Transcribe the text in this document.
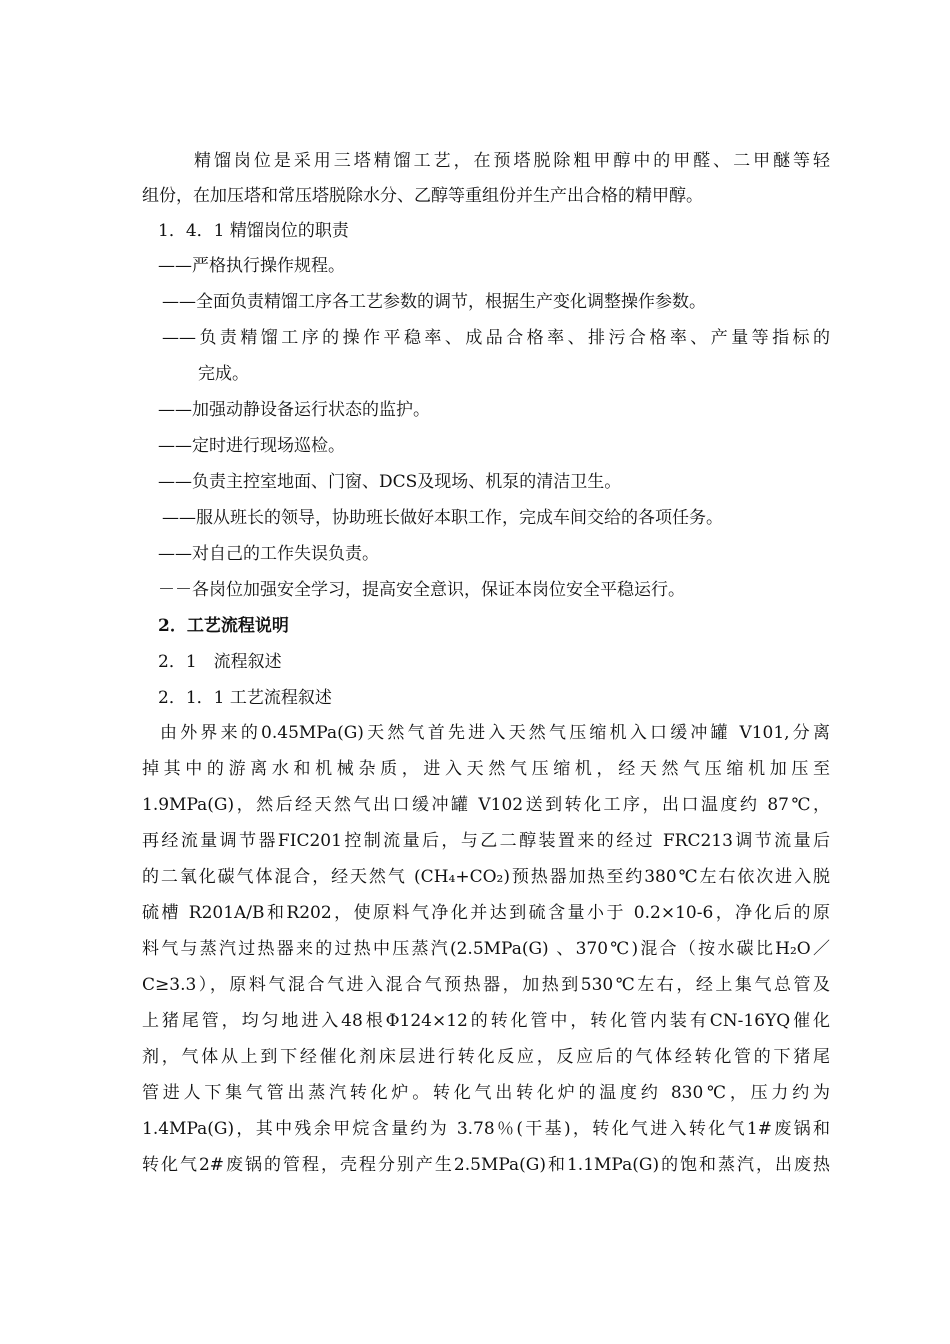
精馏岗位是采用三塔精馏工艺，在预塔脱除粗甲醇中的甲醛、二甲醚等轻
组份，在加压塔和常压塔脱除水分、乙醇等重组份并生产出合格的精甲醇。
1．4．1 精馏岗位的职责
——严格执行操作规程。
——全面负责精馏工序各工艺参数的调节，根据生产变化调整操作参数。
——负责精馏工序的操作平稳率、成品合格率、排污合格率、产量等指标的
完成。
——加强动静设备运行状态的监护。
——定时进行现场巡检。
——负责主控室地面、门窗、DCS及现场、机泵的清洁卫生。
——服从班长的领导，协助班长做好本职工作，完成车间交给的各项任务。
——对自己的工作失误负责。
－－各岗位加强安全学习，提高安全意识，保证本岗位安全平稳运行。
2．工艺流程说明
2．1　流程叙述
2．1．1 工艺流程叙述
由外界来的0.45MPa(G)天然气首先进入天然气压缩机入口缓冲罐 V101,分离
掉其中的游离水和机械杂质，进入天然气压缩机，经天然气压缩机加压至
1.9MPa(G)，然后经天然气出口缓冲罐 V102送到转化工序，出口温度约 87℃，
再经流量调节器FIC201控制流量后，与乙二醇装置来的经过 FRC213调节流量后
的二氧化碳气体混合，经天然气 (CH₄+CO₂)预热器加热至约380℃左右依次进入脱
硫槽 R201A/B和R202，使原料气净化并达到硫含量小于 0.2×10-6，净化后的原
料气与蒸汽过热器来的过热中压蒸汽(2.5MPa(G) 、370℃)混合（按水碳比H₂O／
C≥3.3），原料气混合气进入混合气预热器，加热到530℃左右，经上集气总管及
上猪尾管，均匀地进入48根Φ124×12的转化管中，转化管内装有CN-16YQ催化
剂，气体从上到下经催化剂床层进行转化反应，反应后的气体经转化管的下猪尾
管进人下集气管出蒸汽转化炉。转化气出转化炉的温度约 830℃，压力约为
1.4MPa(G)，其中残余甲烷含量约为 3.78％(干基)，转化气进入转化气1#废锅和
转化气2#废锅的管程，壳程分别产生2.5MPa(G)和1.1MPa(G)的饱和蒸汽，出废热
